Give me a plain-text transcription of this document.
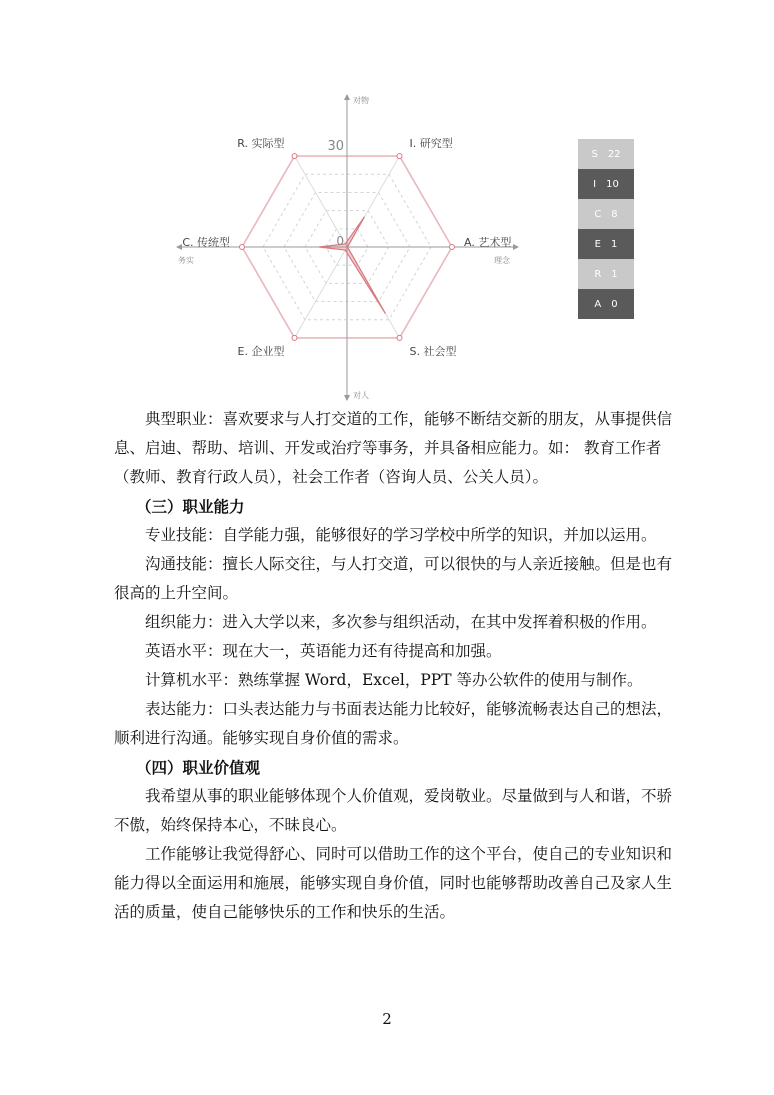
I. 研究型
A. 艺术型
S. 社会型
E. 企业型
C. 传统型
R. 实际型	30
0
对物
对人
务实	理念
S 22
I 10
C 8
E 1
R 1
A 0

典型职业：喜欢要求与人打交道的工作，能够不断结交新的朋友，从事提供信息、启迪、帮助、培训、开发或治疗等事务，并具备相应能力。如： 教育工作者（教师、教育行政人员），社会工作者（咨询人员、公关人员）。

（三）职业能力

专业技能：自学能力强，能够很好的学习学校中所学的知识，并加以运用。

沟通技能：擅长人际交往，与人打交道，可以很快的与人亲近接触。但是也有很高的上升空间。

组织能力：进入大学以来，多次参与组织活动，在其中发挥着积极的作用。

英语水平：现在大一，英语能力还有待提高和加强。

计算机水平：熟练掌握 Word，Excel，PPT 等办公软件的使用与制作。

表达能力：口头表达能力与书面表达能力比较好，能够流畅表达自己的想法，顺利进行沟通。能够实现自身价值的需求。

（四）职业价值观

我希望从事的职业能够体现个人价值观，爱岗敬业。尽量做到与人和谐，不骄不傲，始终保持本心，不昧良心。

工作能够让我觉得舒心、同时可以借助工作的这个平台，使自己的专业知识和能力得以全面运用和施展，能够实现自身价值，同时也能够帮助改善自己及家人生活的质量，使自己能够快乐的工作和快乐的生活。

2
